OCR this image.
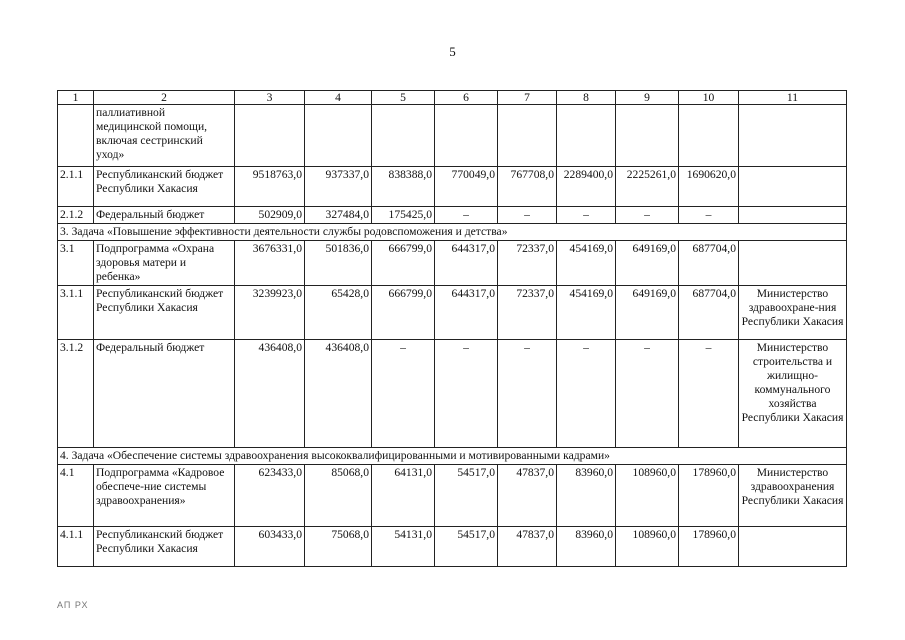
5
1	2	3	4	5	6	7	8	9	10	11
	паллиативной медицинской помощи, включая сестринский уход»									
2.1.1	Республиканский бюджет Республики Хакасия	9518763,0	937337,0	838388,0	770049,0	767708,0	2289400,0	2225261,0	1690620,0	
2.1.2	Федеральный бюджет	502909,0	327484,0	175425,0	–	–	–	–	–	
3. Задача «Повышение эффективности деятельности службы родовспоможения и детства»										
3.1	Подпрограмма «Охрана здоровья матери и ребенка»	3676331,0	501836,0	666799,0	644317,0	72337,0	454169,0	649169,0	687704,0	
3.1.1	Республиканский бюджет Республики Хакасия	3239923,0	65428,0	666799,0	644317,0	72337,0	454169,0	649169,0	687704,0	Министерство здравоохране-ния Республики Хакасия
3.1.2	Федеральный бюджет	436408,0	436408,0	–	–	–	–	–	–	Министерство строительства и жилищно-коммунального хозяйства Республики Хакасия
4. Задача «Обеспечение системы здравоохранения высококвалифицированными и мотивированными кадрами»										
4.1	Подпрограмма «Кадровое обеспече-ние системы здравоохранения»	623433,0	85068,0	64131,0	54517,0	47837,0	83960,0	108960,0	178960,0	Министерство здравоохранения Республики Хакасия
4.1.1	Республиканский бюджет Республики Хакасия	603433,0	75068,0	54131,0	54517,0	47837,0	83960,0	108960,0	178960,0	
АП РХ
